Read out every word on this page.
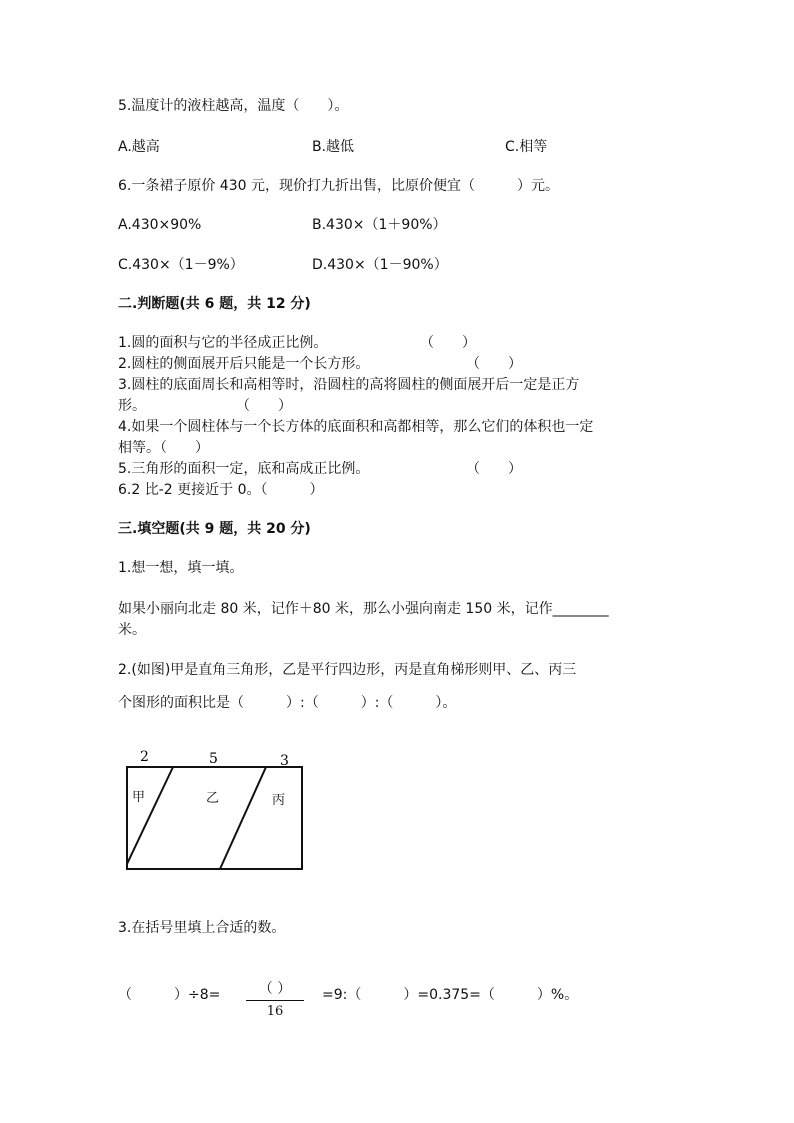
5.温度计的液柱越高，温度（　　）。
A.越高	B.越低	C.相等
6.一条裙子原价 430 元，现价打九折出售，比原价便宜（　　　）元。
A.430×90%	B.430×（1＋90%）
C.430×（1－9%）	D.430×（1－90%）
二.判断题(共 6 题，共 12 分)
1.圆的面积与它的半径成正比例。	（　　）
2.圆柱的侧面展开后只能是一个长方形。	（　　）
3.圆柱的底面周长和高相等时，沿圆柱的高将圆柱的侧面展开后一定是正方
形。	（　　）
4.如果一个圆柱体与一个长方体的底面积和高都相等，那么它们的体积也一定
相等。（　　）
5.三角形的面积一定，底和高成正比例。	（　　）
6.2 比-2 更接近于 0。（　　　）
三.填空题(共 9 题，共 20 分)
1.想一想，填一填。
如果小丽向北走 80 米，记作＋80 米，那么小强向南走 150 米，记作________
米。
2.(如图)甲是直角三角形，乙是平行四边形，丙是直角梯形则甲、乙、丙三
个图形的面积比是（　　　）:（　　　）:（　　　）。
2	5	3
甲	乙	丙
3.在括号里填上合适的数。
（　　　）÷8=	（ ）
16
=9:（　　　）=0.375=（　　　）%。
